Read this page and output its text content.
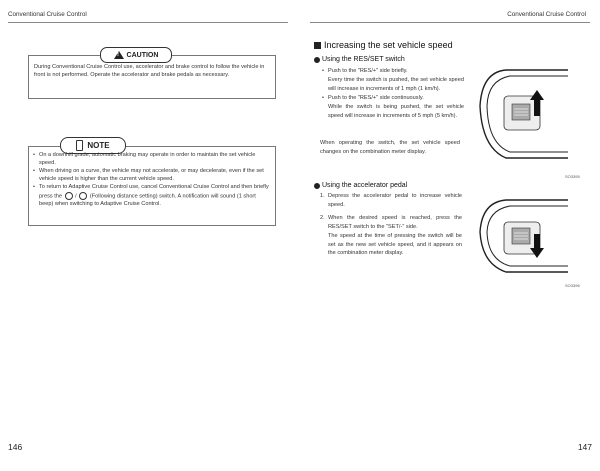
Conventional Cruise Control	Conventional Cruise Control
!
CAUTION
During Conventional Cruise Control use, accelerator and brake control to follow the vehicle in front is not performed. Operate the accelerator and brake pedals as necessary.
NOTE
• On a downhill grade, automatic braking may operate in order to maintain the set vehicle speed.
• When driving on a curve, the vehicle may not accelerate, or may decelerate, even if the set vehicle speed is higher than the current vehicle speed.
• To return to Adaptive Cruise Control use, cancel Conventional Cruise Control and then briefly press the / (Following distance setting) switch. A notification will sound (1 short beep) when switching to Adaptive Cruise Control.
Increasing the set vehicle speed
Using the RES/SET switch
• Push to the "RES/+" side briefly.
Every time the switch is pushed, the set vehicle speed will increase in increments of 1 mph (1 km/h).
• Push to the "RES/+" side continuously.
While the switch is being pushed, the set vehicle speed will increase in increments of 5 mph (5 km/h).
When operating the switch, the set vehicle speed changes on the combination meter display.
SO3395
Using the accelerator pedal
1. Depress the accelerator pedal to increase vehicle speed.
2. When the desired speed is reached, press the RES/SET switch to the "SET/-" side.
The speed at the time of pressing the switch will be set as the new set vehicle speed, and it appears on the combination meter display.
SO3396
146	147
